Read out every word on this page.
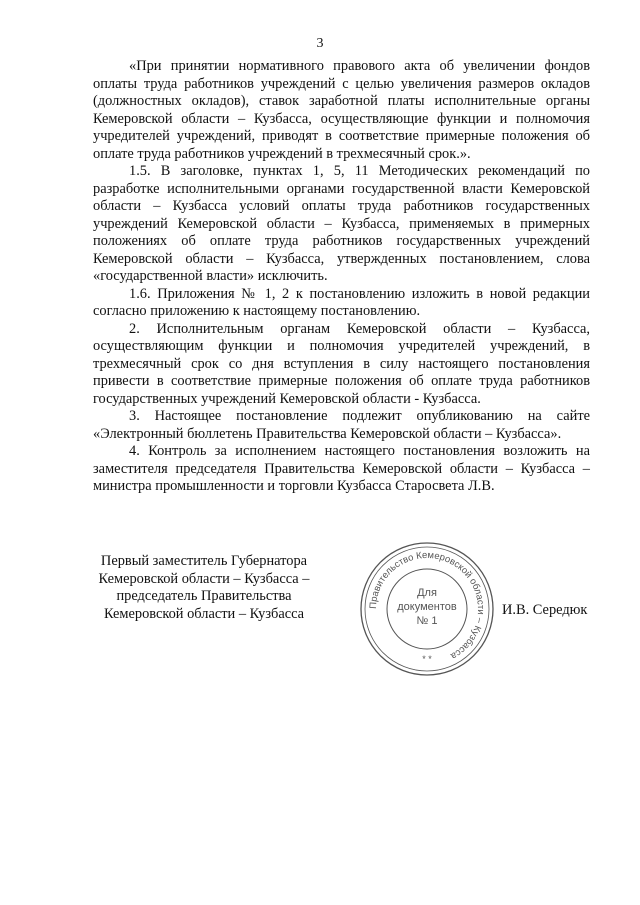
3

«При принятии нормативного правового акта об увеличении фондов оплаты труда работников учреждений с целью увеличения размеров окладов (должностных окладов), ставок заработной платы исполнительные органы Кемеровской области – Кузбасса, осуществляющие функции и полномочия учредителей учреждений, приводят в соответствие примерные положения об оплате труда работников учреждений в трехмесячный срок.».

1.5. В заголовке, пунктах 1, 5, 11 Методических рекомендаций по разработке исполнительными органами государственной власти Кемеровской области – Кузбасса условий оплаты труда работников государственных учреждений Кемеровской области – Кузбасса, применяемых в примерных положениях об оплате труда работников государственных учреждений Кемеровской области – Кузбасса, утвержденных постановлением, слова «государственной власти» исключить.

1.6. Приложения № 1, 2 к постановлению изложить в новой редакции согласно приложению к настоящему постановлению.

2. Исполнительным органам Кемеровской области – Кузбасса, осуществляющим функции и полномочия учредителей учреждений, в трехмесячный срок со дня вступления в силу настоящего постановления привести в соответствие примерные положения об оплате труда работников государственных учреждений Кемеровской области - Кузбасса.

3. Настоящее постановление подлежит опубликованию на сайте «Электронный бюллетень Правительства Кемеровской области – Кузбасса».

4. Контроль за исполнением настоящего постановления возложить на заместителя председателя Правительства Кемеровской области – Кузбасса – министра промышленности и торговли Кузбасса Старосвета Л.В.

Первый заместитель Губернатора
Кемеровской области – Кузбасса –
председатель Правительства
Кемеровской области – Кузбасса
Правительство Кемеровской области – Кузбасса
* *
Для
документов
№ 1
И.В. Середюк
